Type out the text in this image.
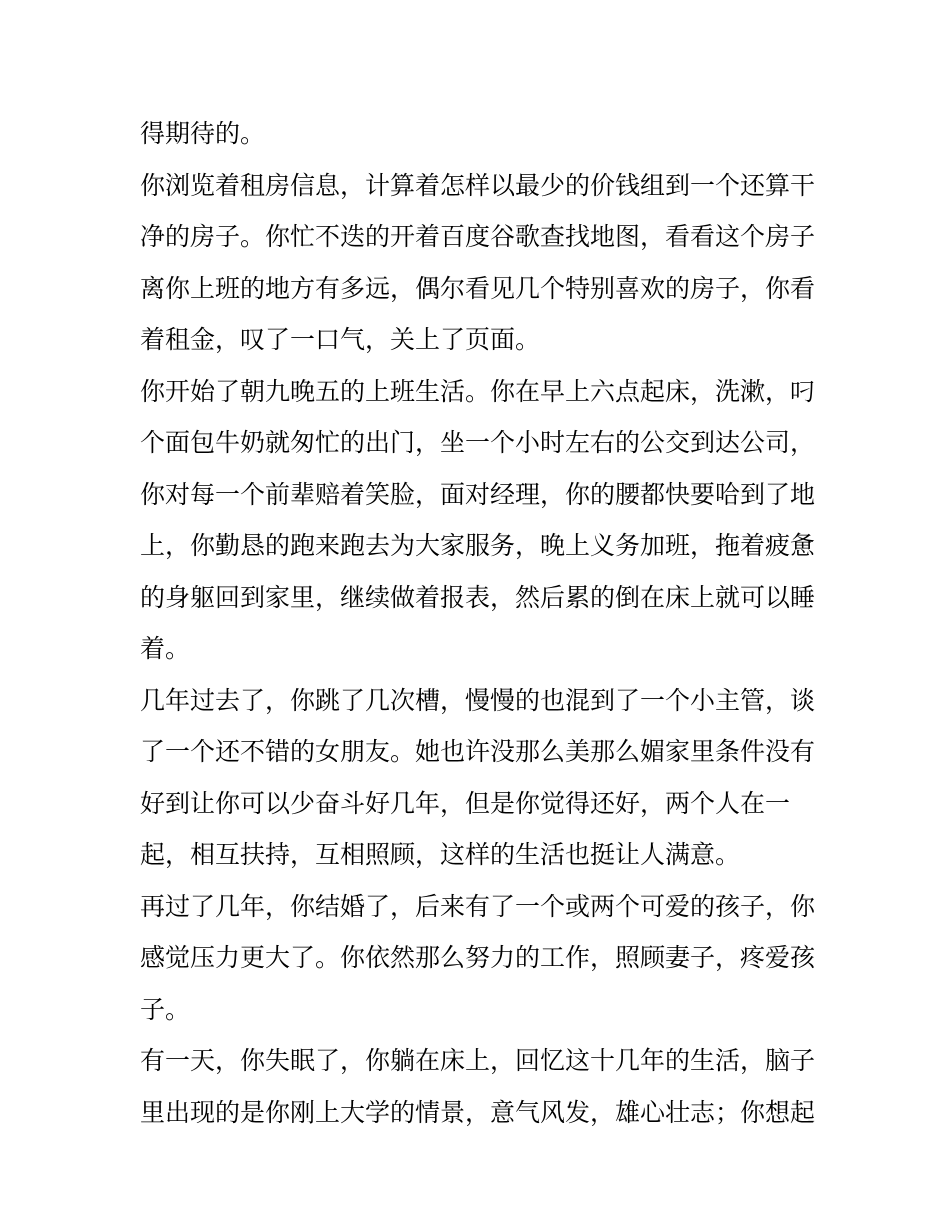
得期待的。
你浏览着租房信息，计算着怎样以最少的价钱组到一个还算干
净的房子。你忙不迭的开着百度谷歌查找地图，看看这个房子
离你上班的地方有多远，偶尔看见几个特别喜欢的房子，你看
着租金，叹了一口气，关上了页面。
你开始了朝九晚五的上班生活。你在早上六点起床，洗漱，叼
个面包牛奶就匆忙的出门，坐一个小时左右的公交到达公司，
你对每一个前辈赔着笑脸，面对经理，你的腰都快要哈到了地
上，你勤恳的跑来跑去为大家服务，晚上义务加班，拖着疲惫
的身躯回到家里，继续做着报表，然后累的倒在床上就可以睡
着。
几年过去了，你跳了几次槽，慢慢的也混到了一个小主管，谈
了一个还不错的女朋友。她也许没那么美那么媚家里条件没有
好到让你可以少奋斗好几年，但是你觉得还好，两个人在一
起，相互扶持，互相照顾，这样的生活也挺让人满意。
再过了几年，你结婚了，后来有了一个或两个可爱的孩子，你
感觉压力更大了。你依然那么努力的工作，照顾妻子，疼爱孩
子。
有一天，你失眠了，你躺在床上，回忆这十几年的生活，脑子
里出现的是你刚上大学的情景，意气风发，雄心壮志；你想起
